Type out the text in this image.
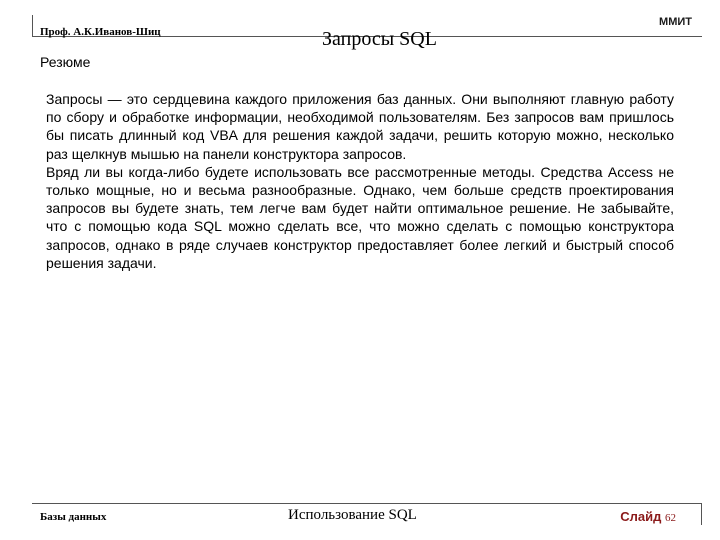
Проф. А.К.Иванов-Шиц
ММИТ
Запросы SQL
Резюме

Запросы — это сердцевина каждого приложения баз данных. Они выполняют главную работу по сбору и обработке информации, необходимой пользователям. Без запросов вам пришлось бы писать длинный код VBA для решения каждой задачи, решить которую можно, несколько раз щелкнув мышью на панели конструктора запросов.

Вряд ли вы когда-либо будете использовать все рассмотренные методы. Средства Access не только мощные, но и весьма разнообразные. Однако, чем больше средств проектирования запросов вы будете знать, тем легче вам будет найти оптимальное решение. Не забывайте, что с помощью кода SQL можно сделать все, что можно сделать с помощью конструктора запросов, однако в ряде случаев конструктор предоставляет более легкий и быстрый способ решения задачи.

Базы данных	Использование SQL	Слайд 62
